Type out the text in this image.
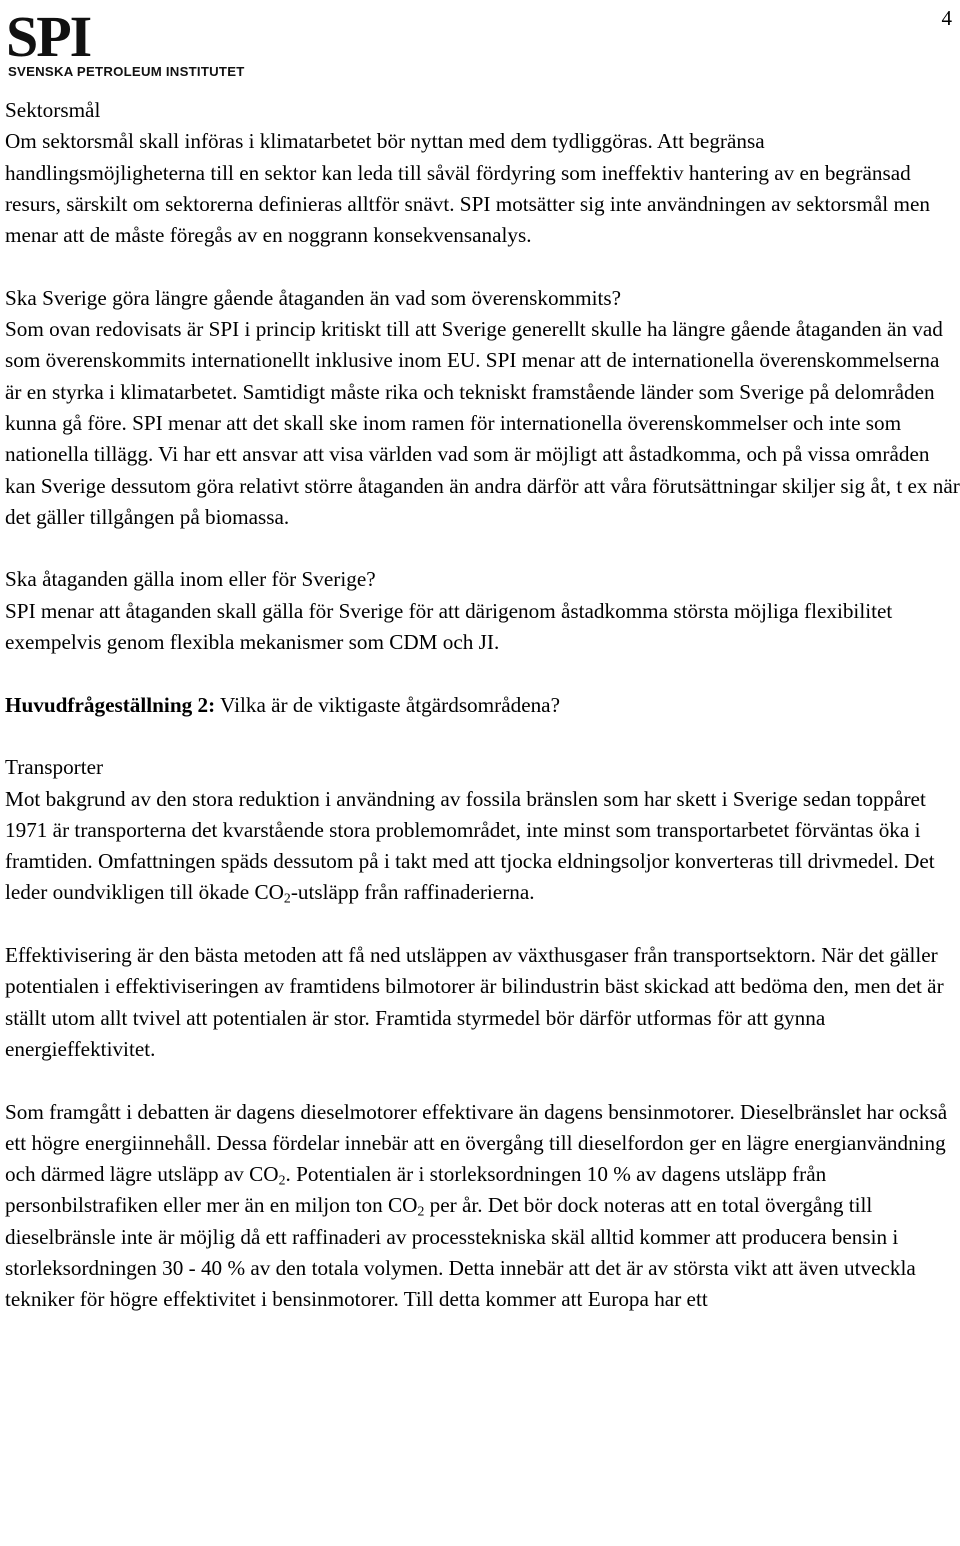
SPI
SVENSKA PETROLEUM INSTITUTET
4

Sektorsmål

Om sektorsmål skall införas i klimatarbetet bör nyttan med dem tydliggöras. Att begränsa handlingsmöjligheterna till en sektor kan leda till såväl fördyring som ineffektiv hantering av en begränsad resurs, särskilt om sektorerna definieras alltför snävt. SPI motsätter sig inte användningen av sektorsmål men menar att de måste föregås av en noggrann konsekvensanalys.

Ska Sverige göra längre gående åtaganden än vad som överenskommits?

Som ovan redovisats är SPI i princip kritiskt till att Sverige generellt skulle ha längre gående åtaganden än vad som överenskommits internationellt inklusive inom EU. SPI menar att de internationella överenskommelserna är en styrka i klimatarbetet. Samtidigt måste rika och tekniskt framstående länder som Sverige på delområden kunna gå före. SPI menar att det skall ske inom ramen för internationella överenskommelser och inte som nationella tillägg. Vi har ett ansvar att visa världen vad som är möjligt att åstadkomma, och på vissa områden kan Sverige dessutom göra relativt större åtaganden än andra därför att våra förutsättningar skiljer sig åt, t ex när det gäller tillgången på biomassa.

Ska åtaganden gälla inom eller för Sverige?

SPI menar att åtaganden skall gälla för Sverige för att därigenom åstadkomma största möjliga flexibilitet exempelvis genom flexibla mekanismer som CDM och JI.

Huvudfrågeställning 2: Vilka är de viktigaste åtgärdsområdena?

Transporter

Mot bakgrund av den stora reduktion i användning av fossila bränslen som har skett i Sverige sedan toppåret 1971 är transporterna det kvarstående stora problemområdet, inte minst som transportarbetet förväntas öka i framtiden. Omfattningen späds dessutom på i takt med att tjocka eldningsoljor konverteras till drivmedel. Det leder oundvikligen till ökade $CO_2$-utsläpp från raffinaderierna.

Effektivisering är den bästa metoden att få ned utsläppen av växthusgaser från transportsektorn. När det gäller potentialen i effektiviseringen av framtidens bilmotorer är bilindustrin bäst skickad att bedöma den, men det är ställt utom allt tvivel att potentialen är stor. Framtida styrmedel bör därför utformas för att gynna energieffektivitet.

Som framgått i debatten är dagens dieselmotorer effektivare än dagens bensinmotorer. Dieselbränslet har också ett högre energiinnehåll. Dessa fördelar innebär att en övergång till dieselfordon ger en lägre energianvändning och därmed lägre utsläpp av $CO_2$. Potentialen är i storleksordningen 10 % av dagens utsläpp från personbilstrafiken eller mer än en miljon ton $CO_2$ per år. Det bör dock noteras att en total övergång till dieselbränsle inte är möjlig då ett raffinaderi av processtekniska skäl alltid kommer att producera bensin i storleksordningen 30 - 40 % av den totala volymen. Detta innebär att det är av största vikt att även utveckla tekniker för högre effektivitet i bensinmotorer. Till detta kommer att Europa har ett
